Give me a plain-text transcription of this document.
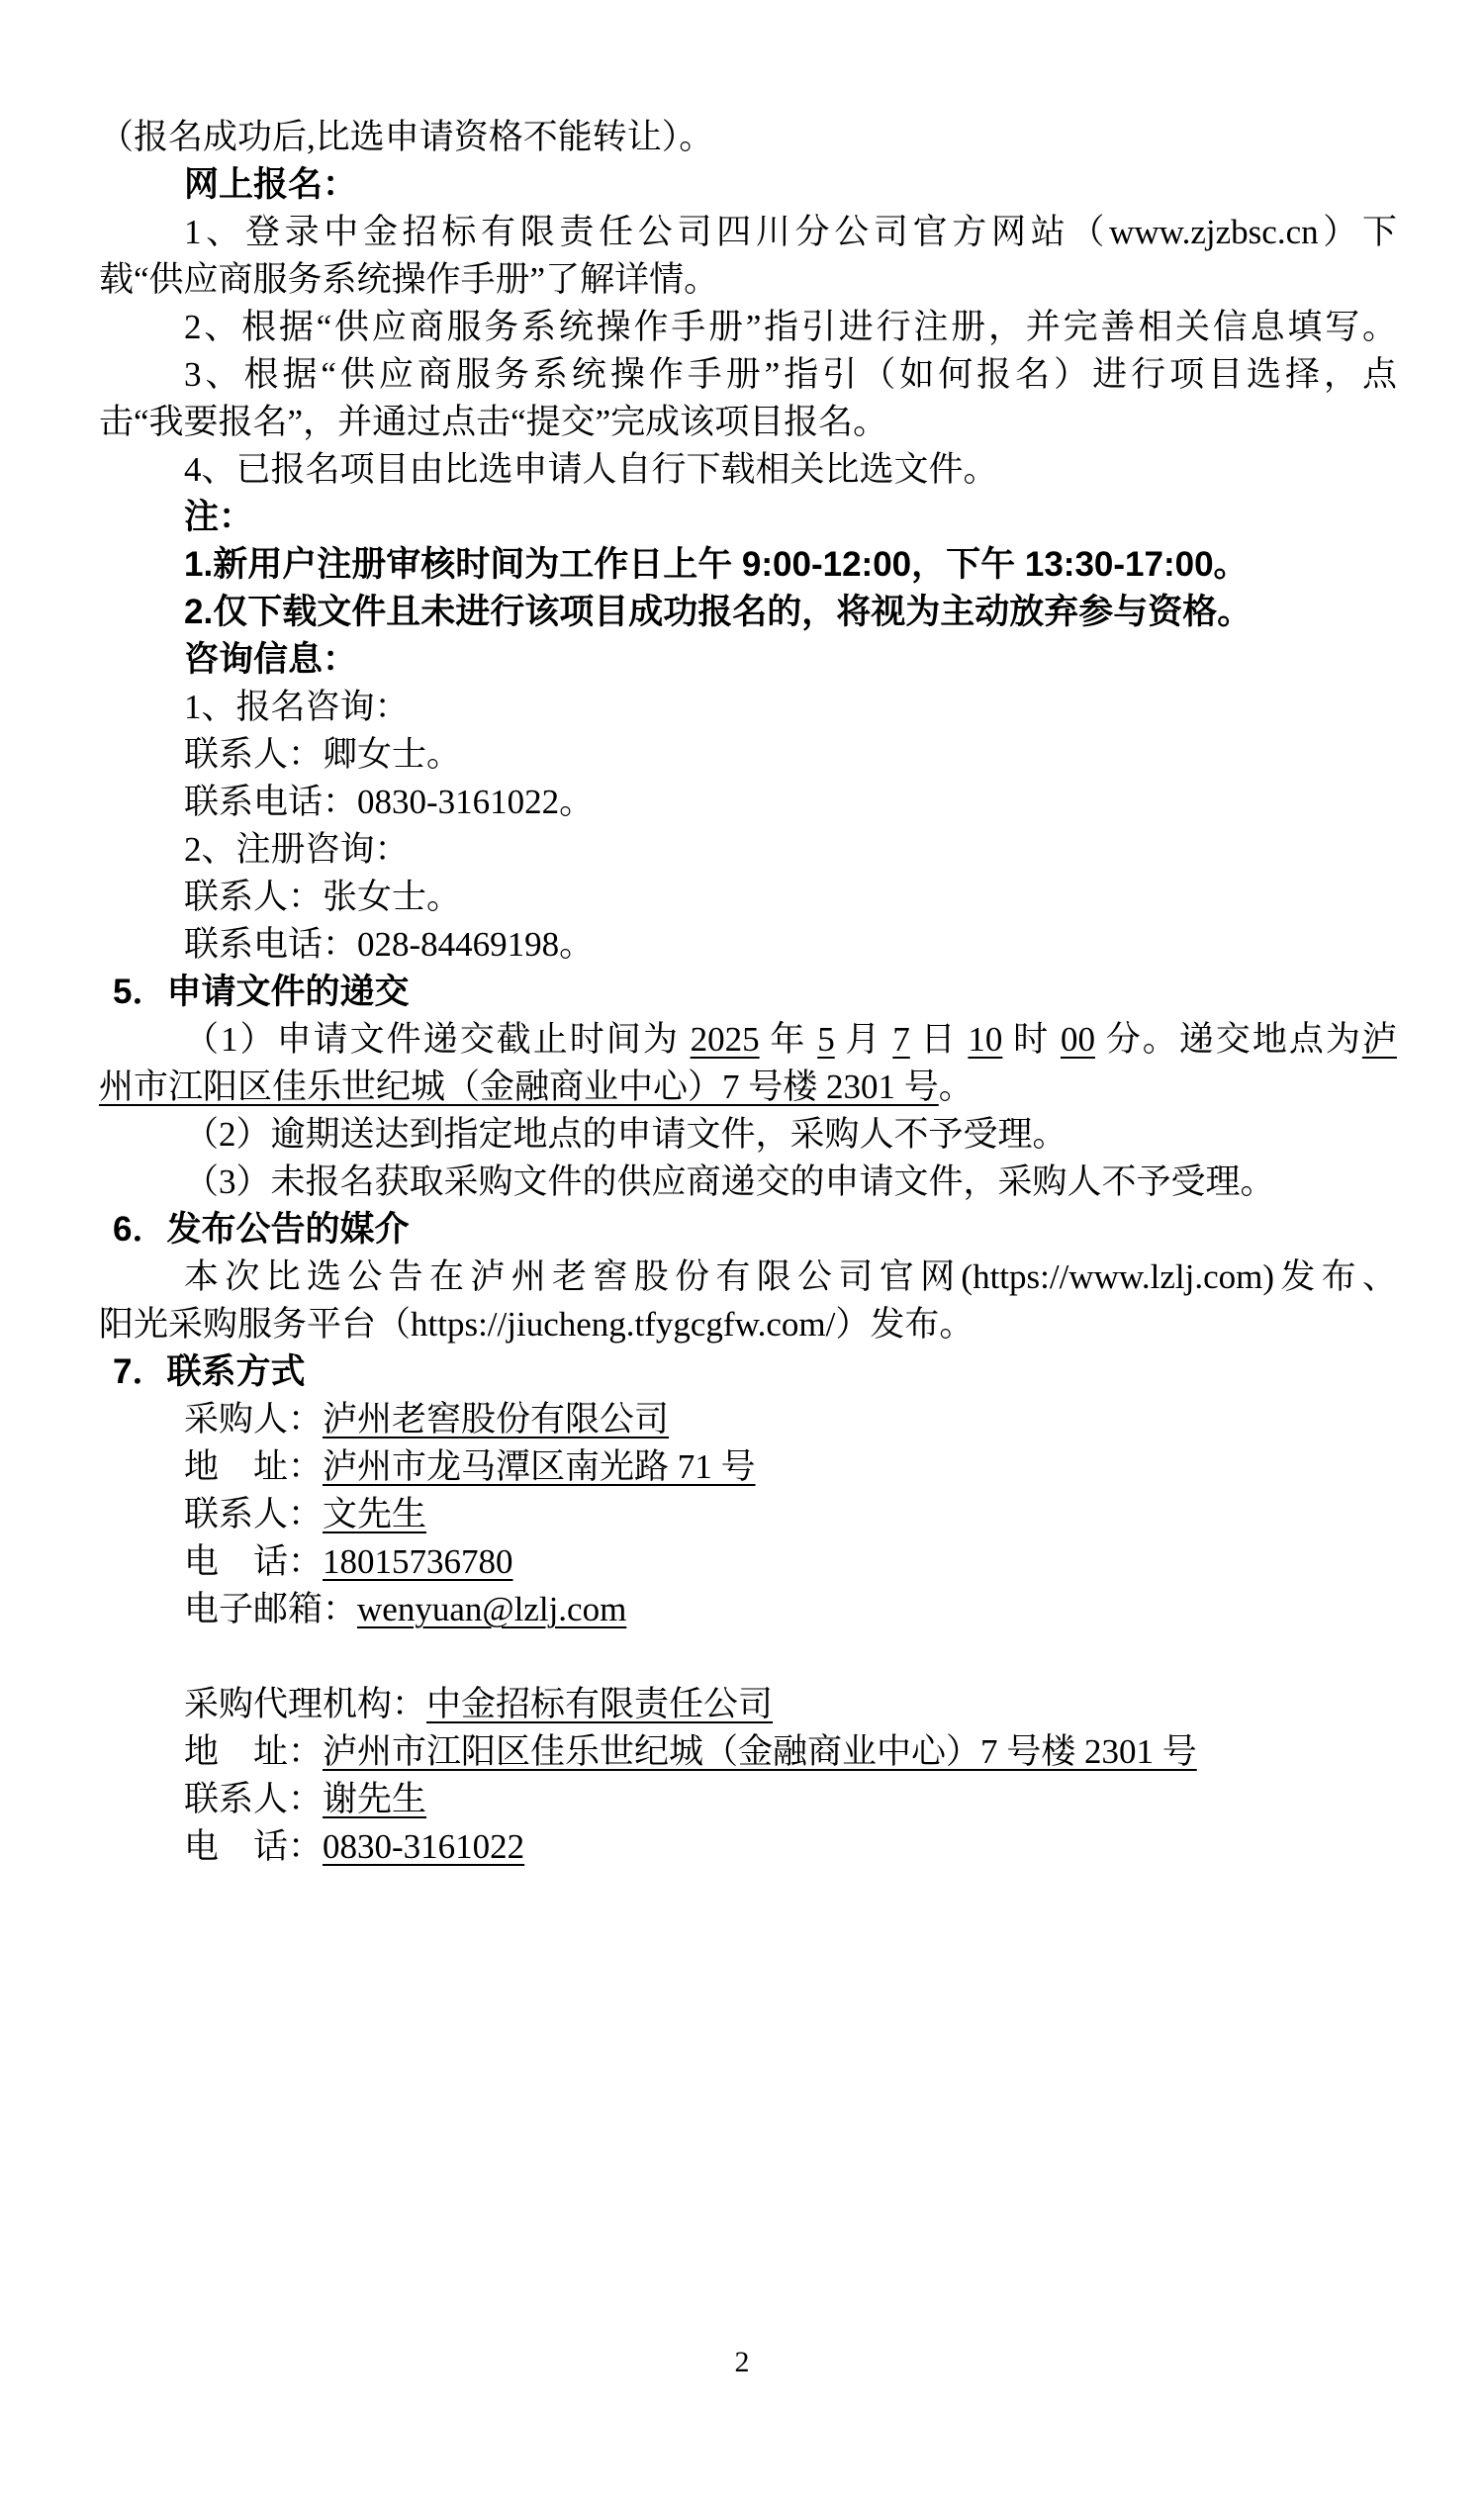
（报名成功后,比选申请资格不能转让）。
网上报名：
1、登录中金招标有限责任公司四川分公司官方网站（www.zjzbsc.cn）下
载“供应商服务系统操作手册”了解详情。
2、根据“供应商服务系统操作手册”指引进行注册，并完善相关信息填写。
3、根据“供应商服务系统操作手册”指引（如何报名）进行项目选择，点
击“我要报名”，并通过点击“提交”完成该项目报名。
4、已报名项目由比选申请人自行下载相关比选文件。
注：
1.新用户注册审核时间为工作日上午 9:00-12:00，下午 13:30-17:00。
2.仅下载文件且未进行该项目成功报名的，将视为主动放弃参与资格。
咨询信息：
1、报名咨询：
联系人：卿女士。
联系电话：0830-3161022。
2、注册咨询：
联系人：张女士。
联系电话：028-84469198。
5．申请文件的递交
（1）申请文件递交截止时间为 2025 年 5 月 7 日 10 时 00 分。递交地点为泸
州市江阳区佳乐世纪城（金融商业中心）7 号楼 2301 号。
（2）逾期送达到指定地点的申请文件，采购人不予受理。
（3）未报名获取采购文件的供应商递交的申请文件，采购人不予受理。
6．发布公告的媒介
本次比选公告在泸州老窖股份有限公司官网(https://www.lzlj.com)发布、
阳光采购服务平台（https://jiucheng.tfygcgfw.com/）发布。
7．联系方式
采购人：泸州老窖股份有限公司
地　址：泸州市龙马潭区南光路 71 号
联系人：文先生
电　话：18015736780
电子邮箱：wenyuan@lzlj.com
采购代理机构：中金招标有限责任公司
地　址：泸州市江阳区佳乐世纪城（金融商业中心）7 号楼 2301 号
联系人：谢先生
电　话：0830-3161022
2
